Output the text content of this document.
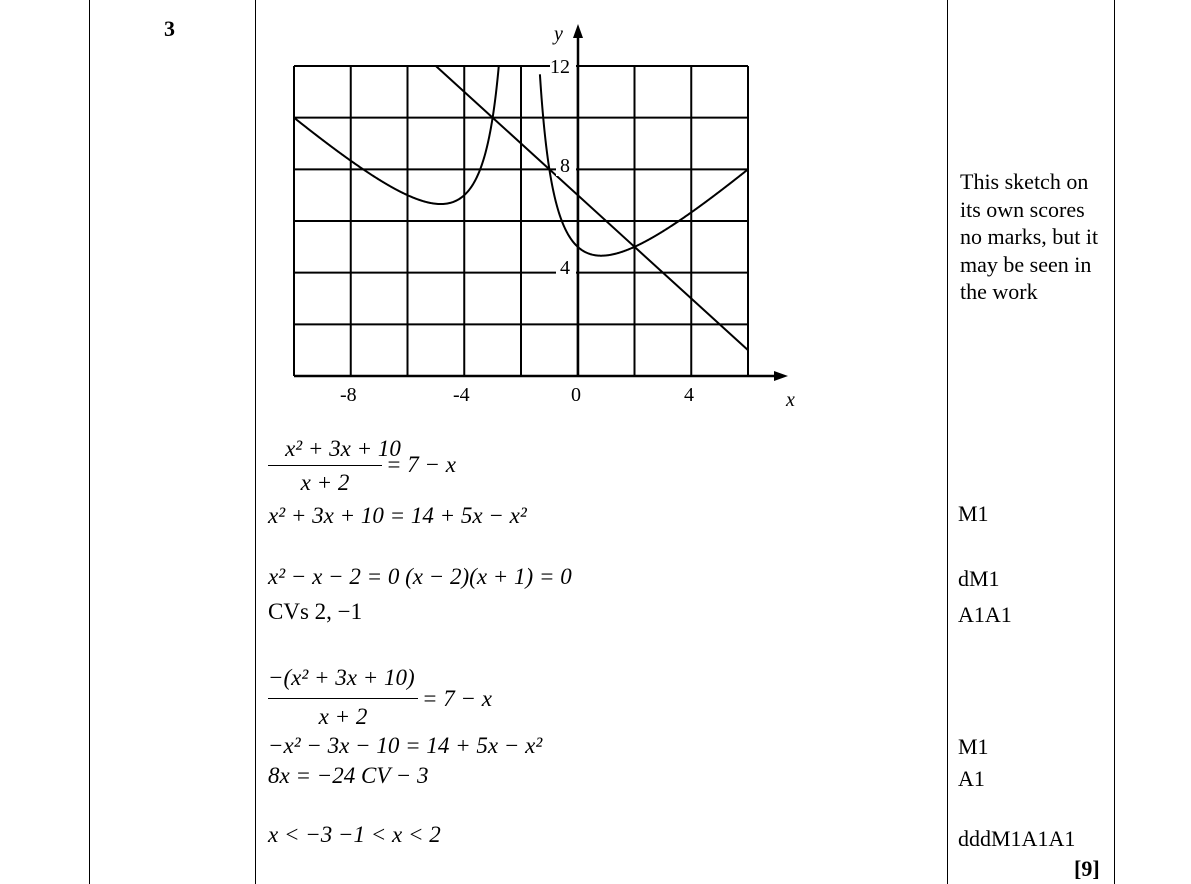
3	y
x
-8	-4	0	4
4
8
12
This sketch on its own scores no marks, but it may be seen in the work
x² + 3x + 10
x + 2
= 7 − x
x² + 3x + 10 = 14 + 5x − x²
x² − x − 2 = 0 (x − 2)(x + 1) = 0
CVs 2, −1
−(x² + 3x + 10)
x + 2
= 7 − x
−x² − 3x − 10 = 14 + 5x − x²
8x = −24 CV − 3
x < −3 −1 < x < 2
M1
dM1
A1A1
M1
A1
dddM1A1A1
[9]
